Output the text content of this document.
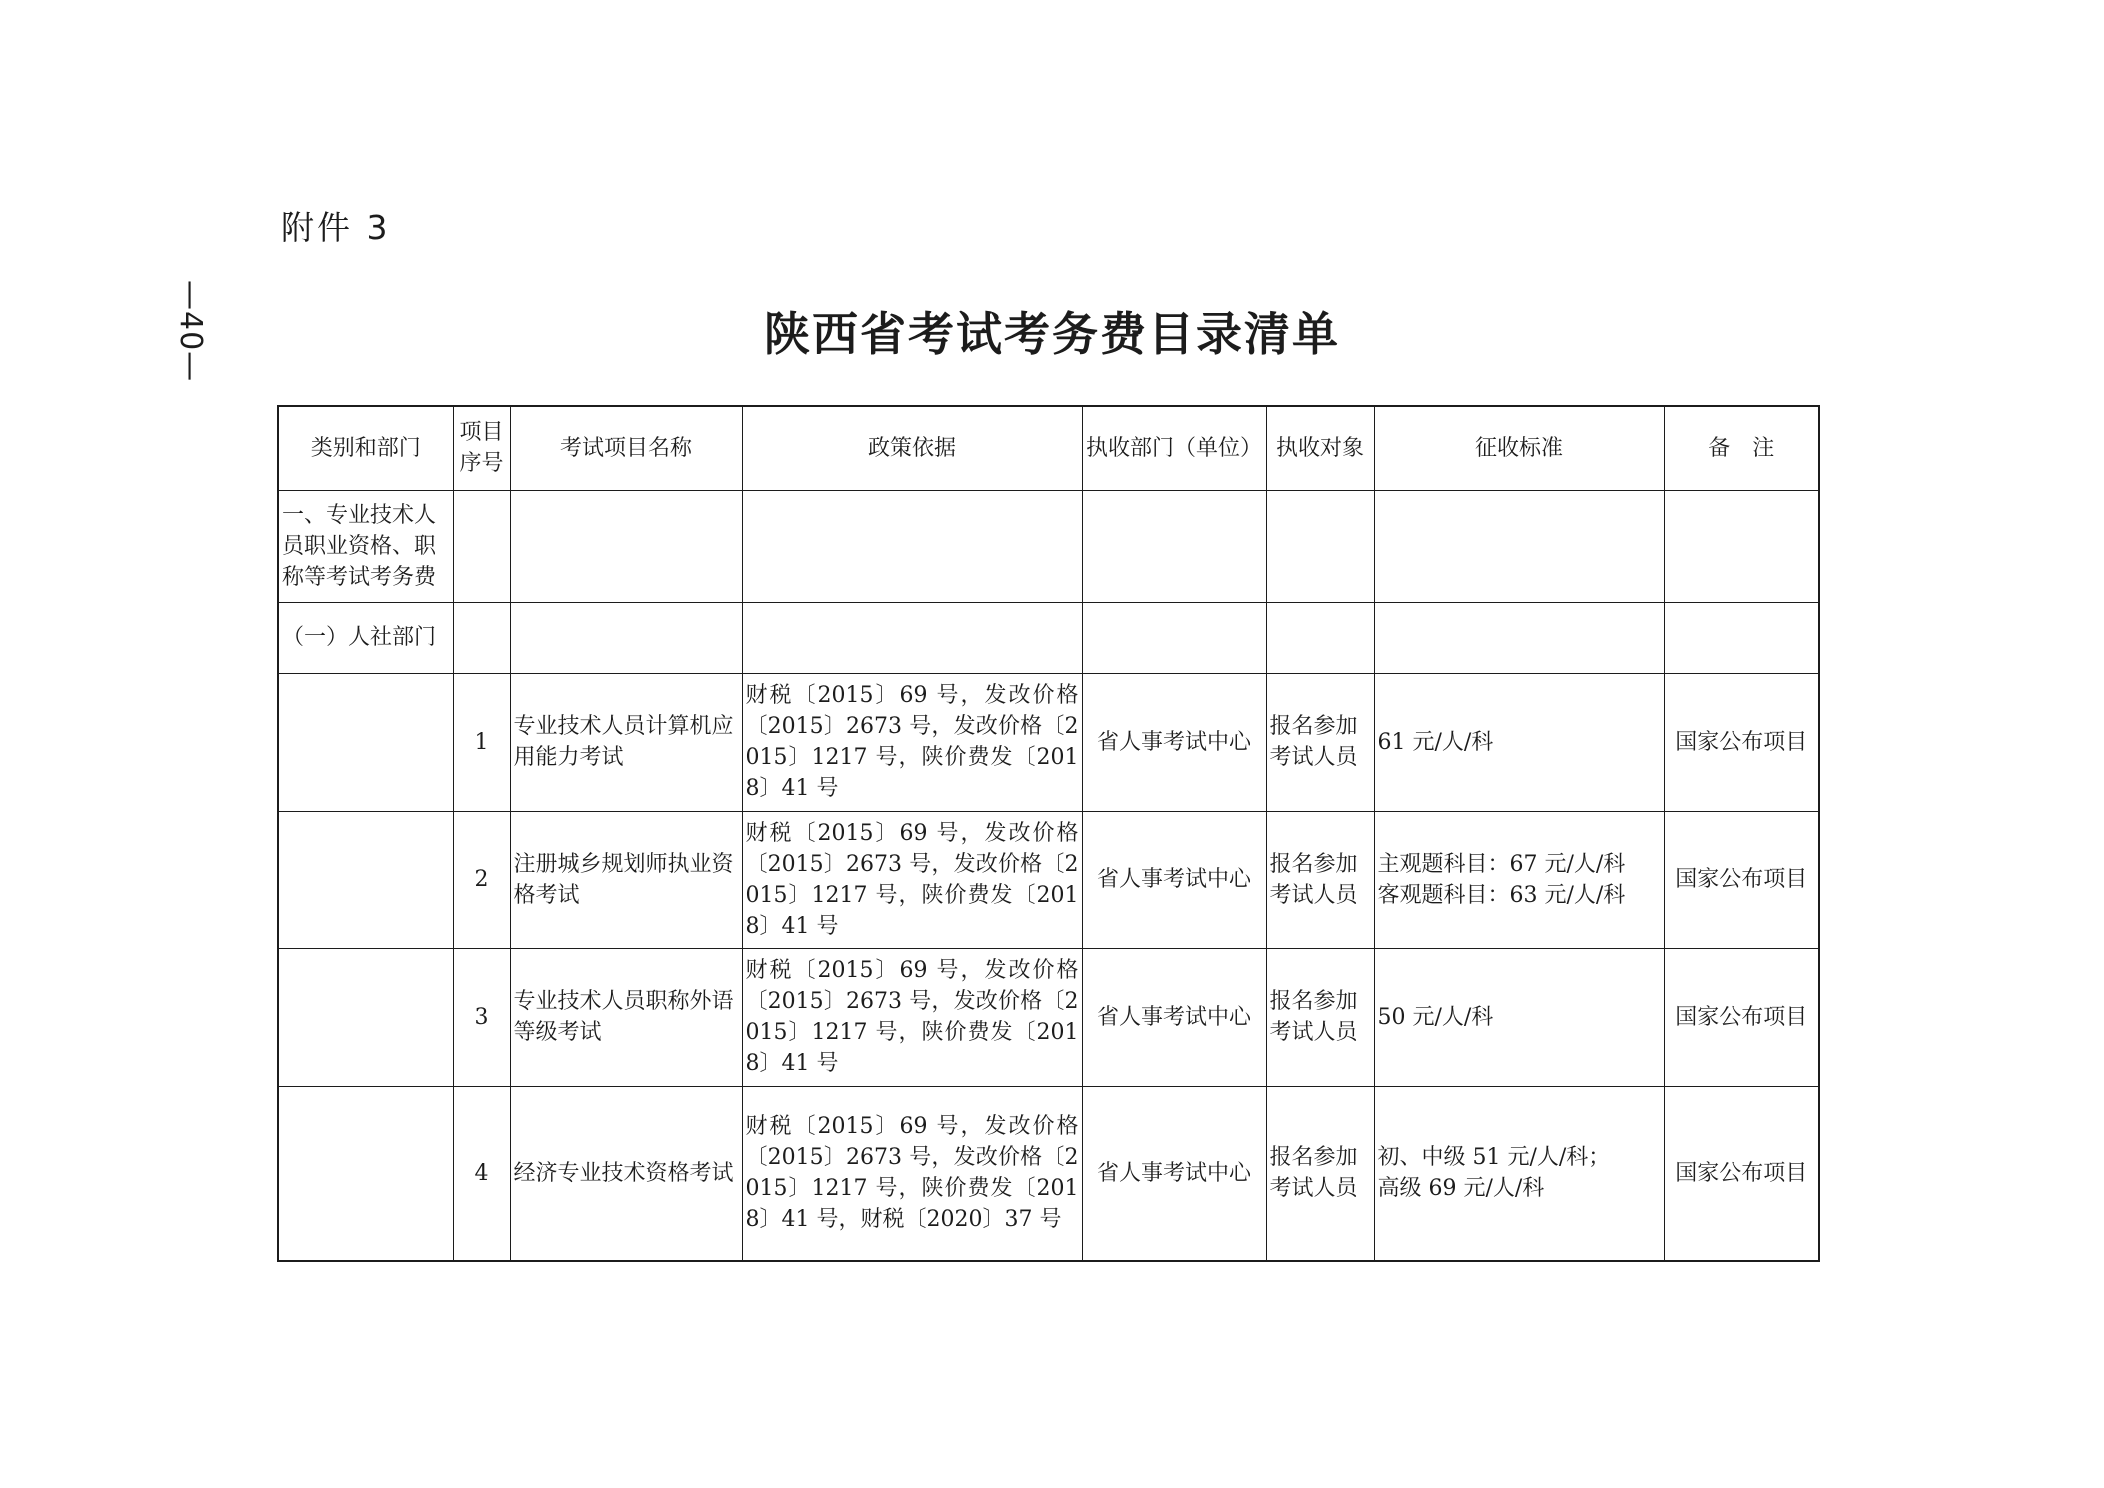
附件 3
—40—	陕西省考试考务费目录清单
类别和部门	项目序号	考试项目名称	政策依据	执收部门（单位）	执收对象	征收标准	备　注
一、专业技术人员职业资格、职称等考试考务费							
（一）人社部门							
	1	专业技术人员计算机应用能力考试	财税〔2015〕69 号，发改价格〔2015〕2673 号，发改价格〔2015〕1217 号，陕价费发〔2018〕41 号	省人事考试中心	报名参加考试人员	61 元/人/科	国家公布项目
	2	注册城乡规划师执业资格考试	财税〔2015〕69 号，发改价格〔2015〕2673 号，发改价格〔2015〕1217 号，陕价费发〔2018〕41 号	省人事考试中心	报名参加考试人员	主观题科目：67 元/人/科
客观题科目：63 元/人/科	国家公布项目
	3	专业技术人员职称外语等级考试	财税〔2015〕69 号，发改价格〔2015〕2673 号，发改价格〔2015〕1217 号，陕价费发〔2018〕41 号	省人事考试中心	报名参加考试人员	50 元/人/科	国家公布项目
	4	经济专业技术资格考试	财税〔2015〕69 号，发改价格〔2015〕2673 号，发改价格〔2015〕1217 号，陕价费发〔2018〕41 号，财税〔2020〕37 号	省人事考试中心	报名参加考试人员	初、中级 51 元/人/科；
高级 69 元/人/科	国家公布项目
